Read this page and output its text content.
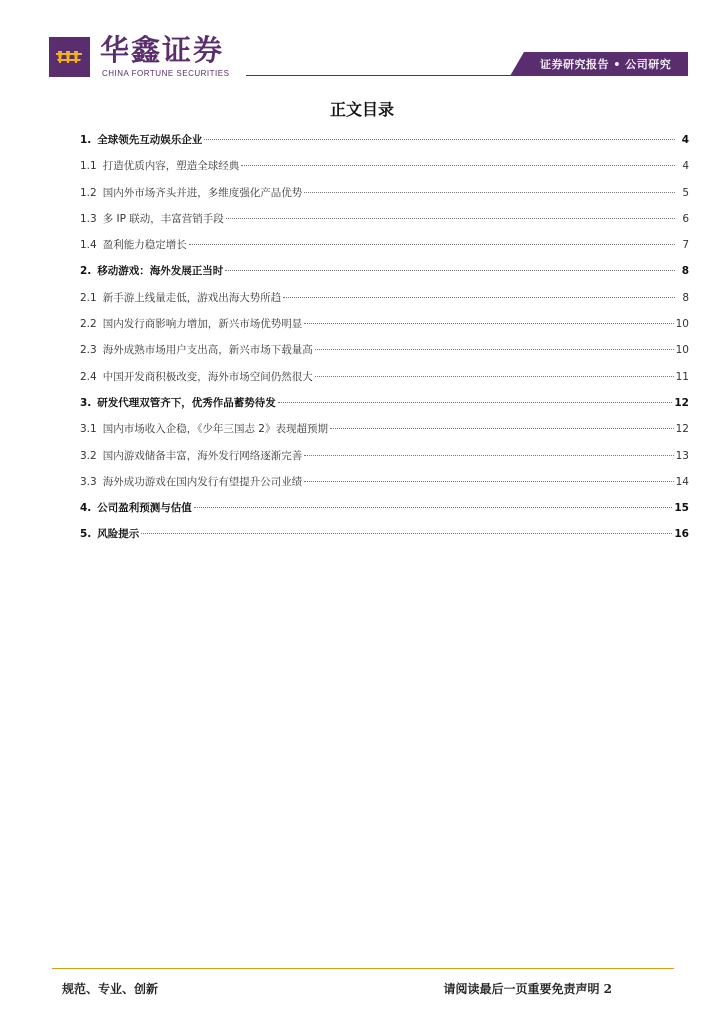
华鑫证券
CHINA FORTUNE SECURITIES
证券研究报告 • 公司研究
正文目录
1. 全球领先互动娱乐企业	4
1.1 打造优质内容，塑造全球经典	4
1.2 国内外市场齐头并进，多维度强化产品优势	5
1.3 多 IP 联动，丰富营销手段	6
1.4 盈利能力稳定增长	7
2. 移动游戏：海外发展正当时	8
2.1 新手游上线量走低，游戏出海大势所趋	8
2.2 国内发行商影响力增加，新兴市场优势明显	10
2.3 海外成熟市场用户支出高，新兴市场下载量高	10
2.4 中国开发商积极改变，海外市场空间仍然很大	11
3. 研发代理双管齐下，优秀作品蓄势待发	12
3.1 国内市场收入企稳，《少年三国志 2》表现超预期	12
3.2 国内游戏储备丰富，海外发行网络逐渐完善	13
3.3 海外成功游戏在国内发行有望提升公司业绩	14
4. 公司盈利预测与估值	15
5. 风险提示	16
规范、专业、创新	请阅读最后一页重要免责声明 2
